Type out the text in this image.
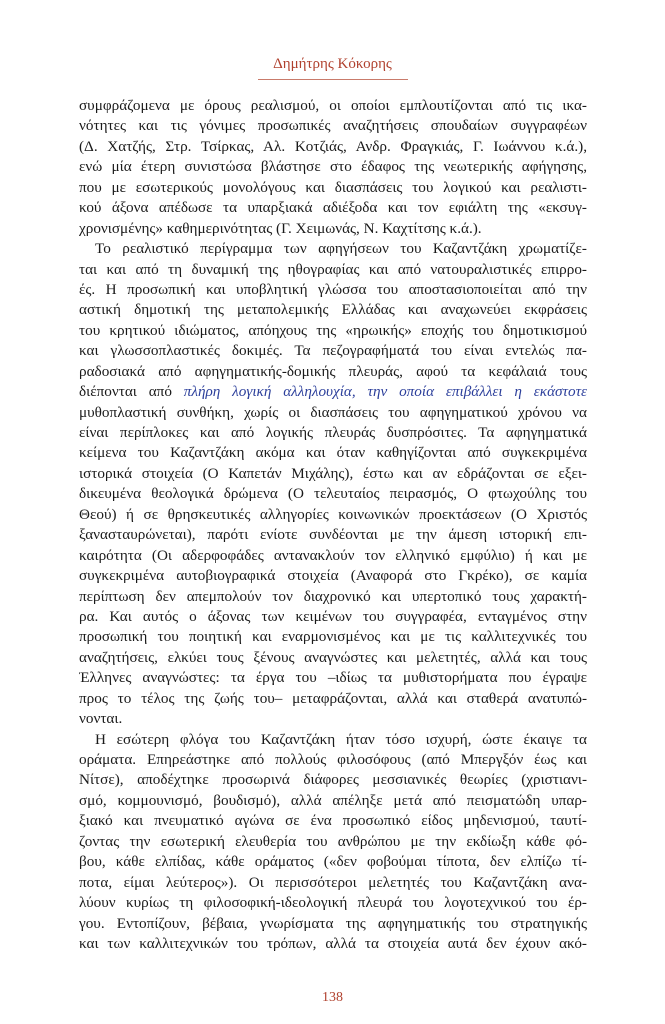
Δημήτρης Κόκορης
συμφράζομενα με όρους ρεαλισμού, οι οποίοι εμπλουτίζονται από τις ικα-
νότητες και τις γόνιμες προσωπικές αναζητήσεις σπουδαίων συγγραφέων
(Δ. Χατζής, Στρ. Τσίρκας, Αλ. Κοτζιάς, Ανδρ. Φραγκιάς, Γ. Ιωάννου κ.ά.),
ενώ μία έτερη συνιστώσα βλάστησε στο έδαφος της νεωτερικής αφήγησης,
που με εσωτερικούς μονολόγους και διασπάσεις του λογικού και ρεαλιστι-
κού άξονα απέδωσε τα υπαρξιακά αδιέξοδα και τον εφιάλτη της «εκσυγ-
χρονισμένης» καθημερινότητας (Γ. Χειμωνάς, Ν. Καχτίτσης κ.ά.).
Το ρεαλιστικό περίγραμμα των αφηγήσεων του Καζαντζάκη χρωματίζε-
ται και από τη δυναμική της ηθογραφίας και από νατουραλιστικές επιρρο-
ές. Η προσωπική και υποβλητική γλώσσα του αποστασιοποιείται από την
αστική δημοτική της μεταπολεμικής Ελλάδας και αναχωνεύει εκφράσεις
του κρητικού ιδιώματος, απόηχους της «ηρωικής» εποχής του δημοτικισμού
και γλωσσοπλαστικές δοκιμές. Τα πεζογραφήματά του είναι εντελώς πα-
ραδοσιακά από αφηγηματικής-δομικής πλευράς, αφού τα κεφάλαιά τους
διέπονται από πλήρη λογική αλληλουχία, την οποία επιβάλλει η εκάστοτε
μυθοπλαστική συνθήκη, χωρίς οι διασπάσεις του αφηγηματικού χρόνου να
είναι περίπλοκες και από λογικής πλευράς δυσπρόσιτες. Τα αφηγηματικά
κείμενα του Καζαντζάκη ακόμα και όταν καθηγίζονται από συγκεκριμένα
ιστορικά στοιχεία (Ο Καπετάν Μιχάλης), έστω και αν εδράζονται σε εξει-
δικευμένα θεολογικά δρώμενα (Ο τελευταίος πειρασμός, Ο φτωχούλης του
Θεού) ή σε θρησκευτικές αλληγορίες κοινωνικών προεκτάσεων (Ο Χριστός
ξανασταυρώνεται), παρότι ενίοτε συνδέονται με την άμεση ιστορική επι-
καιρότητα (Οι αδερφοφάδες αντανακλούν τον ελληνικό εμφύλιο) ή και με
συγκεκριμένα αυτοβιογραφικά στοιχεία (Αναφορά στο Γκρέκο), σε καμία
περίπτωση δεν απεμπολούν τον διαχρονικό και υπερτοπικό τους χαρακτή-
ρα. Και αυτός ο άξονας των κειμένων του συγγραφέα, ενταγμένος στην
προσωπική του ποιητική και εναρμονισμένος και με τις καλλιτεχνικές του
αναζητήσεις, ελκύει τους ξένους αναγνώστες και μελετητές, αλλά και τους
Έλληνες αναγνώστες: τα έργα του –ιδίως τα μυθιστορήματα που έγραψε
προς το τέλος της ζωής του– μεταφράζονται, αλλά και σταθερά ανατυπώ-
νονται.
Η εσώτερη φλόγα του Καζαντζάκη ήταν τόσο ισχυρή, ώστε έκαιγε τα
οράματα. Επηρεάστηκε από πολλούς φιλοσόφους (από Μπεργξόν έως και
Νίτσε), αποδέχτηκε προσωρινά διάφορες μεσσιανικές θεωρίες (χριστιανι-
σμό, κομμουνισμό, βουδισμό), αλλά απέληξε μετά από πεισματώδη υπαρ-
ξιακό και πνευματικό αγώνα σε ένα προσωπικό είδος μηδενισμού, ταυτί-
ζοντας την εσωτερική ελευθερία του ανθρώπου με την εκδίωξη κάθε φό-
βου, κάθε ελπίδας, κάθε οράματος («δεν φοβούμαι τίποτα, δεν ελπίζω τί-
ποτα, είμαι λεύτερος»). Οι περισσότεροι μελετητές του Καζαντζάκη ανα-
λύουν κυρίως τη φιλοσοφική-ιδεολογική πλευρά του λογοτεχνικού του έρ-
γου. Εντοπίζουν, βέβαια, γνωρίσματα της αφηγηματικής του στρατηγικής
και των καλλιτεχνικών του τρόπων, αλλά τα στοιχεία αυτά δεν έχουν ακό-
138
